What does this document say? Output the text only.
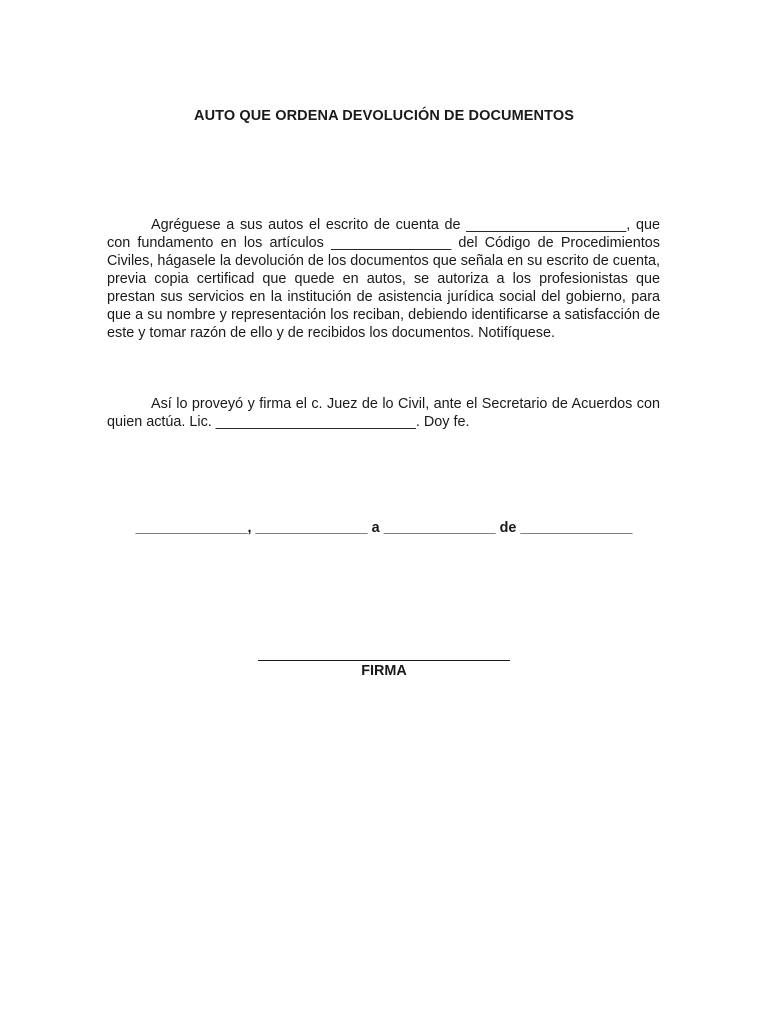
AUTO QUE ORDENA DEVOLUCIÓN DE DOCUMENTOS

Agréguese a sus autos el escrito de cuenta de ____________________, que con fundamento en los artículos _______________ del Código de Procedimientos Civiles, hágasele la devolución de los documentos que señala en su escrito de cuenta, previa copia certificad que quede en autos, se autoriza a los profesionistas que prestan sus servicios en la institución de asistencia jurídica social del gobierno, para que a su nombre y representación los reciban, debiendo identificarse a satisfacción de este y tomar razón de ello y de recibidos los documentos. Notifíquese.

Así lo proveyó y firma el c. Juez de lo Civil, ante el Secretario de Acuerdos con quien actúa. Lic. _________________________. Doy fe.

______________, ______________ a ______________ de ______________
FIRMA
